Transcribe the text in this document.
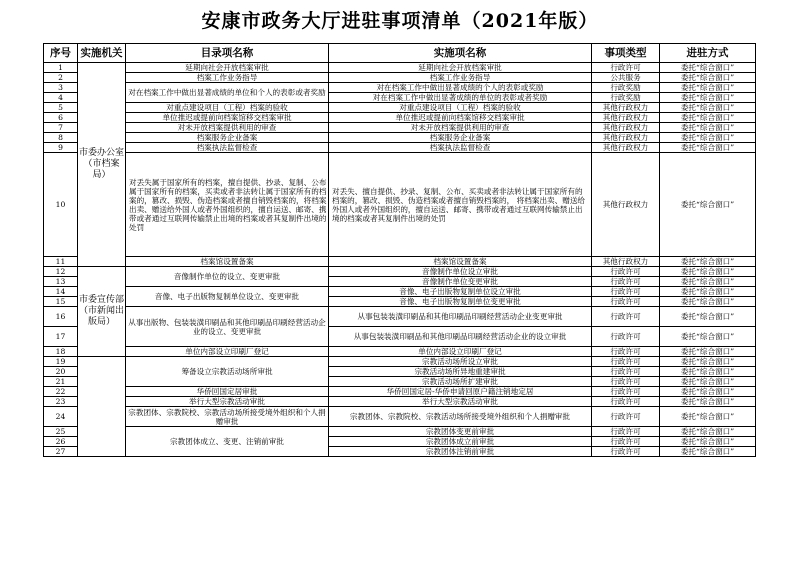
安康市政务大厅进驻事项清单（2021年版）
序号	实施机关	目录项名称	实施项名称	事项类型	进驻方式
1	市委办公室（市档案局）	延期向社会开放档案审批	延期向社会开放档案审批	行政许可	委托“综合窗口”
2		档案工作业务指导	档案工作业务指导	公共服务	委托“综合窗口”
3		对在档案工作中做出显著成绩的单位和个人的表彰或者奖励	对在档案工作中做出显著成绩的个人的表彰或奖励	行政奖励	委托“综合窗口”
4			对在档案工作中做出显著成绩的单位的表彰或者奖励	行政奖励	委托“综合窗口”
5		对重点建设项目（工程）档案的验收	对重点建设项目（工程）档案的验收	其他行政权力	委托“综合窗口”
6		单位推迟或提前向档案馆移交档案审批	单位推迟或提前向档案馆移交档案审批	其他行政权力	委托“综合窗口”
7		对未开放档案提供利用的审查	对未开放档案提供利用的审查	其他行政权力	委托“综合窗口”
8		档案服务企业备案	档案服务企业备案	其他行政权力	委托“综合窗口”
9		档案执法监督检查	档案执法监督检查	其他行政权力	委托“综合窗口”
10		对丢失属于国家所有的档案，擅自提供、抄录、复制、公布属于国家所有的档案，买卖或者非法转让属于国家所有的档案的，篡改、损毁、伪造档案或者擅自销毁档案的，将档案出卖、赠送给外国人或者外国组织的，擅自运送、邮寄、携带或者通过互联网传输禁止出境的档案或者其复制件出境的处罚	对丢失、擅自提供、抄录、复制、公布、买卖或者非法转让属于国家所有的档案的，篡改、损毁、伪造档案或者擅自销毁档案的， 将档案出卖、赠送给外国人或者外国组织的，擅自运送、邮寄、携带或者通过互联网传输禁止出境的档案或者其复制件出境的处罚	其他行政权力	委托“综合窗口”
11		档案馆设置备案	档案馆设置备案	其他行政权力	委托“综合窗口”
12	市委宣传部（市新闻出版局）	音像制作单位的设立、变更审批	音像制作单位设立审批	行政许可	委托“综合窗口”
13			音像制作单位变更审批	行政许可	委托“综合窗口”
14		音像、电子出版物复制单位设立、变更审批	音像、电子出版物复制单位设立审批	行政许可	委托“综合窗口”
15			音像、电子出版物复制单位变更审批	行政许可	委托“综合窗口”
16		从事出版物、包装装潢印刷品和其他印刷品印刷经营活动企业的设立、变更审批	从事包装装潢印刷品和其他印刷品印刷经营活动企业变更审批	行政许可	委托“综合窗口”
17			从事包装装潢印刷品和其他印刷品印刷经营活动企业的设立审批	行政许可	委托“综合窗口”
18		单位内部设立印刷厂登记	单位内部设立印刷厂登记	行政许可	委托“综合窗口”
19		筹备设立宗教活动场所审批	宗教活动场所设立审批	行政许可	委托“综合窗口”
20			宗教活动场所异地重建审批	行政许可	委托“综合窗口”
21			宗教活动场所扩建审批	行政许可	委托“综合窗口”
22		华侨回国定居审批	华侨回国定居-华侨申请回原户籍注销地定居	行政许可	委托“综合窗口”
23		举行大型宗教活动审批	举行大型宗教活动审批	行政许可	委托“综合窗口”
24		宗教团体、宗教院校、宗教活动场所接受境外组织和个人捐赠审批	宗教团体、宗教院校、宗教活动场所接受境外组织和个人捐赠审批	行政许可	委托“综合窗口”
25		宗教团体成立、变更、注销前审批	宗教团体变更前审批	行政许可	委托“综合窗口”
26			宗教团体成立前审批	行政许可	委托“综合窗口”
27			宗教团体注销前审批	行政许可	委托“综合窗口”
